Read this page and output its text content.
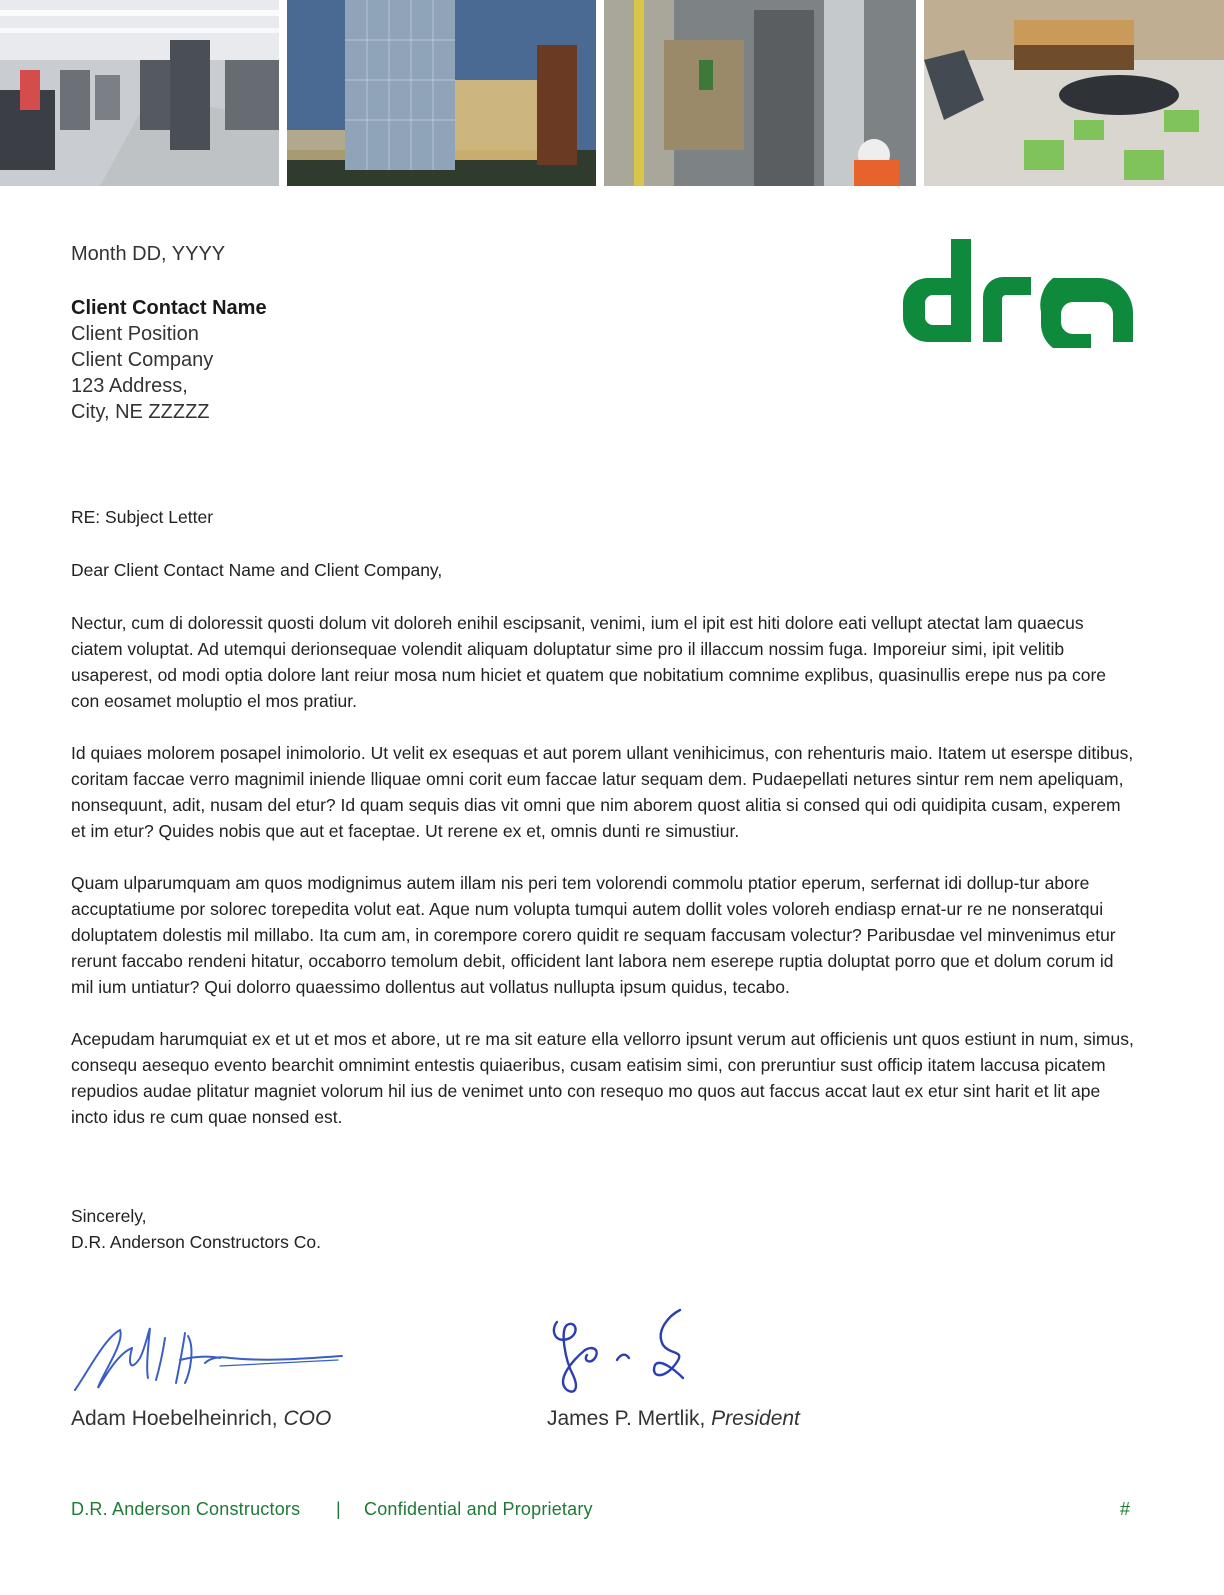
Month DD, YYYY
Client Contact Name
Client Position
Client Company
123 Address,
City, NE ZZZZZ
RE: Subject Letter
Dear Client Contact Name and Client Company,

Nectur, cum di doloressit quosti dolum vit doloreh enihil escipsanit, venimi, ium el ipit est hiti dolore eati vellupt atectat lam quaecus ciatem voluptat. Ad utemqui derionsequae volendit aliquam doluptatur sime pro il illaccum nossim fuga. Imporeiur simi, ipit velitib usaperest, od modi optia dolore lant reiur mosa num hiciet et quatem que nobitatium comnime explibus, quasinullis erepe nus pa core con eosamet moluptio el mos pratiur.

Id quiaes molorem posapel inimolorio. Ut velit ex esequas et aut porem ullant venihicimus, con rehenturis maio. Itatem ut eserspe ditibus, coritam faccae verro magnimil iniende lliquae omni corit eum faccae latur sequam dem. Pudaepellati netures sintur rem nem apeliquam, nonsequunt, adit, nusam del etur? Id quam sequis dias vit omni que nim aborem quost alitia si consed qui odi quidipita cusam, experem et im etur? Quides nobis que aut et faceptae. Ut rerene ex et, omnis dunti re simustiur.

Quam ulparumquam am quos modignimus autem illam nis peri tem volorendi commolu ptatior eperum, serfernat idi dollup-tur abore accuptatiume por solorec torepedita volut eat. Aque num volupta tumqui autem dollit voles voloreh endiasp ernat-ur re ne nonseratqui doluptatem dolestis mil millabo. Ita cum am, in corempore corero quidit re sequam faccusam volectur? Paribusdae vel minvenimus etur rerunt faccabo rendeni hitatur, occaborro temolum debit, officident lant labora nem eserepe ruptia doluptat porro que et dolum corum id mil ium untiatur? Qui dolorro quaessimo dollentus aut vollatus nullupta ipsum quidus, tecabo.

Acepudam harumquiat ex et ut et mos et abore, ut re ma sit eature ella vellorro ipsunt verum aut officienis unt quos estiunt in num, simus, consequ aesequo evento bearchit omnimint entestis quiaeribus, cusam eatisim simi, con preruntiur sust officip itatem laccusa picatem repudios audae plitatur magniet volorum hil ius de venimet unto con resequo mo quos aut faccus accat laut ex etur sint harit et lit ape incto idus re cum quae nonsed est.

Sincerely,
D.R. Anderson Constructors Co.
Adam Hoebelheinrich, COO	James P. Mertlik, President
D.R. Anderson Constructors | Confidential and Proprietary	#
